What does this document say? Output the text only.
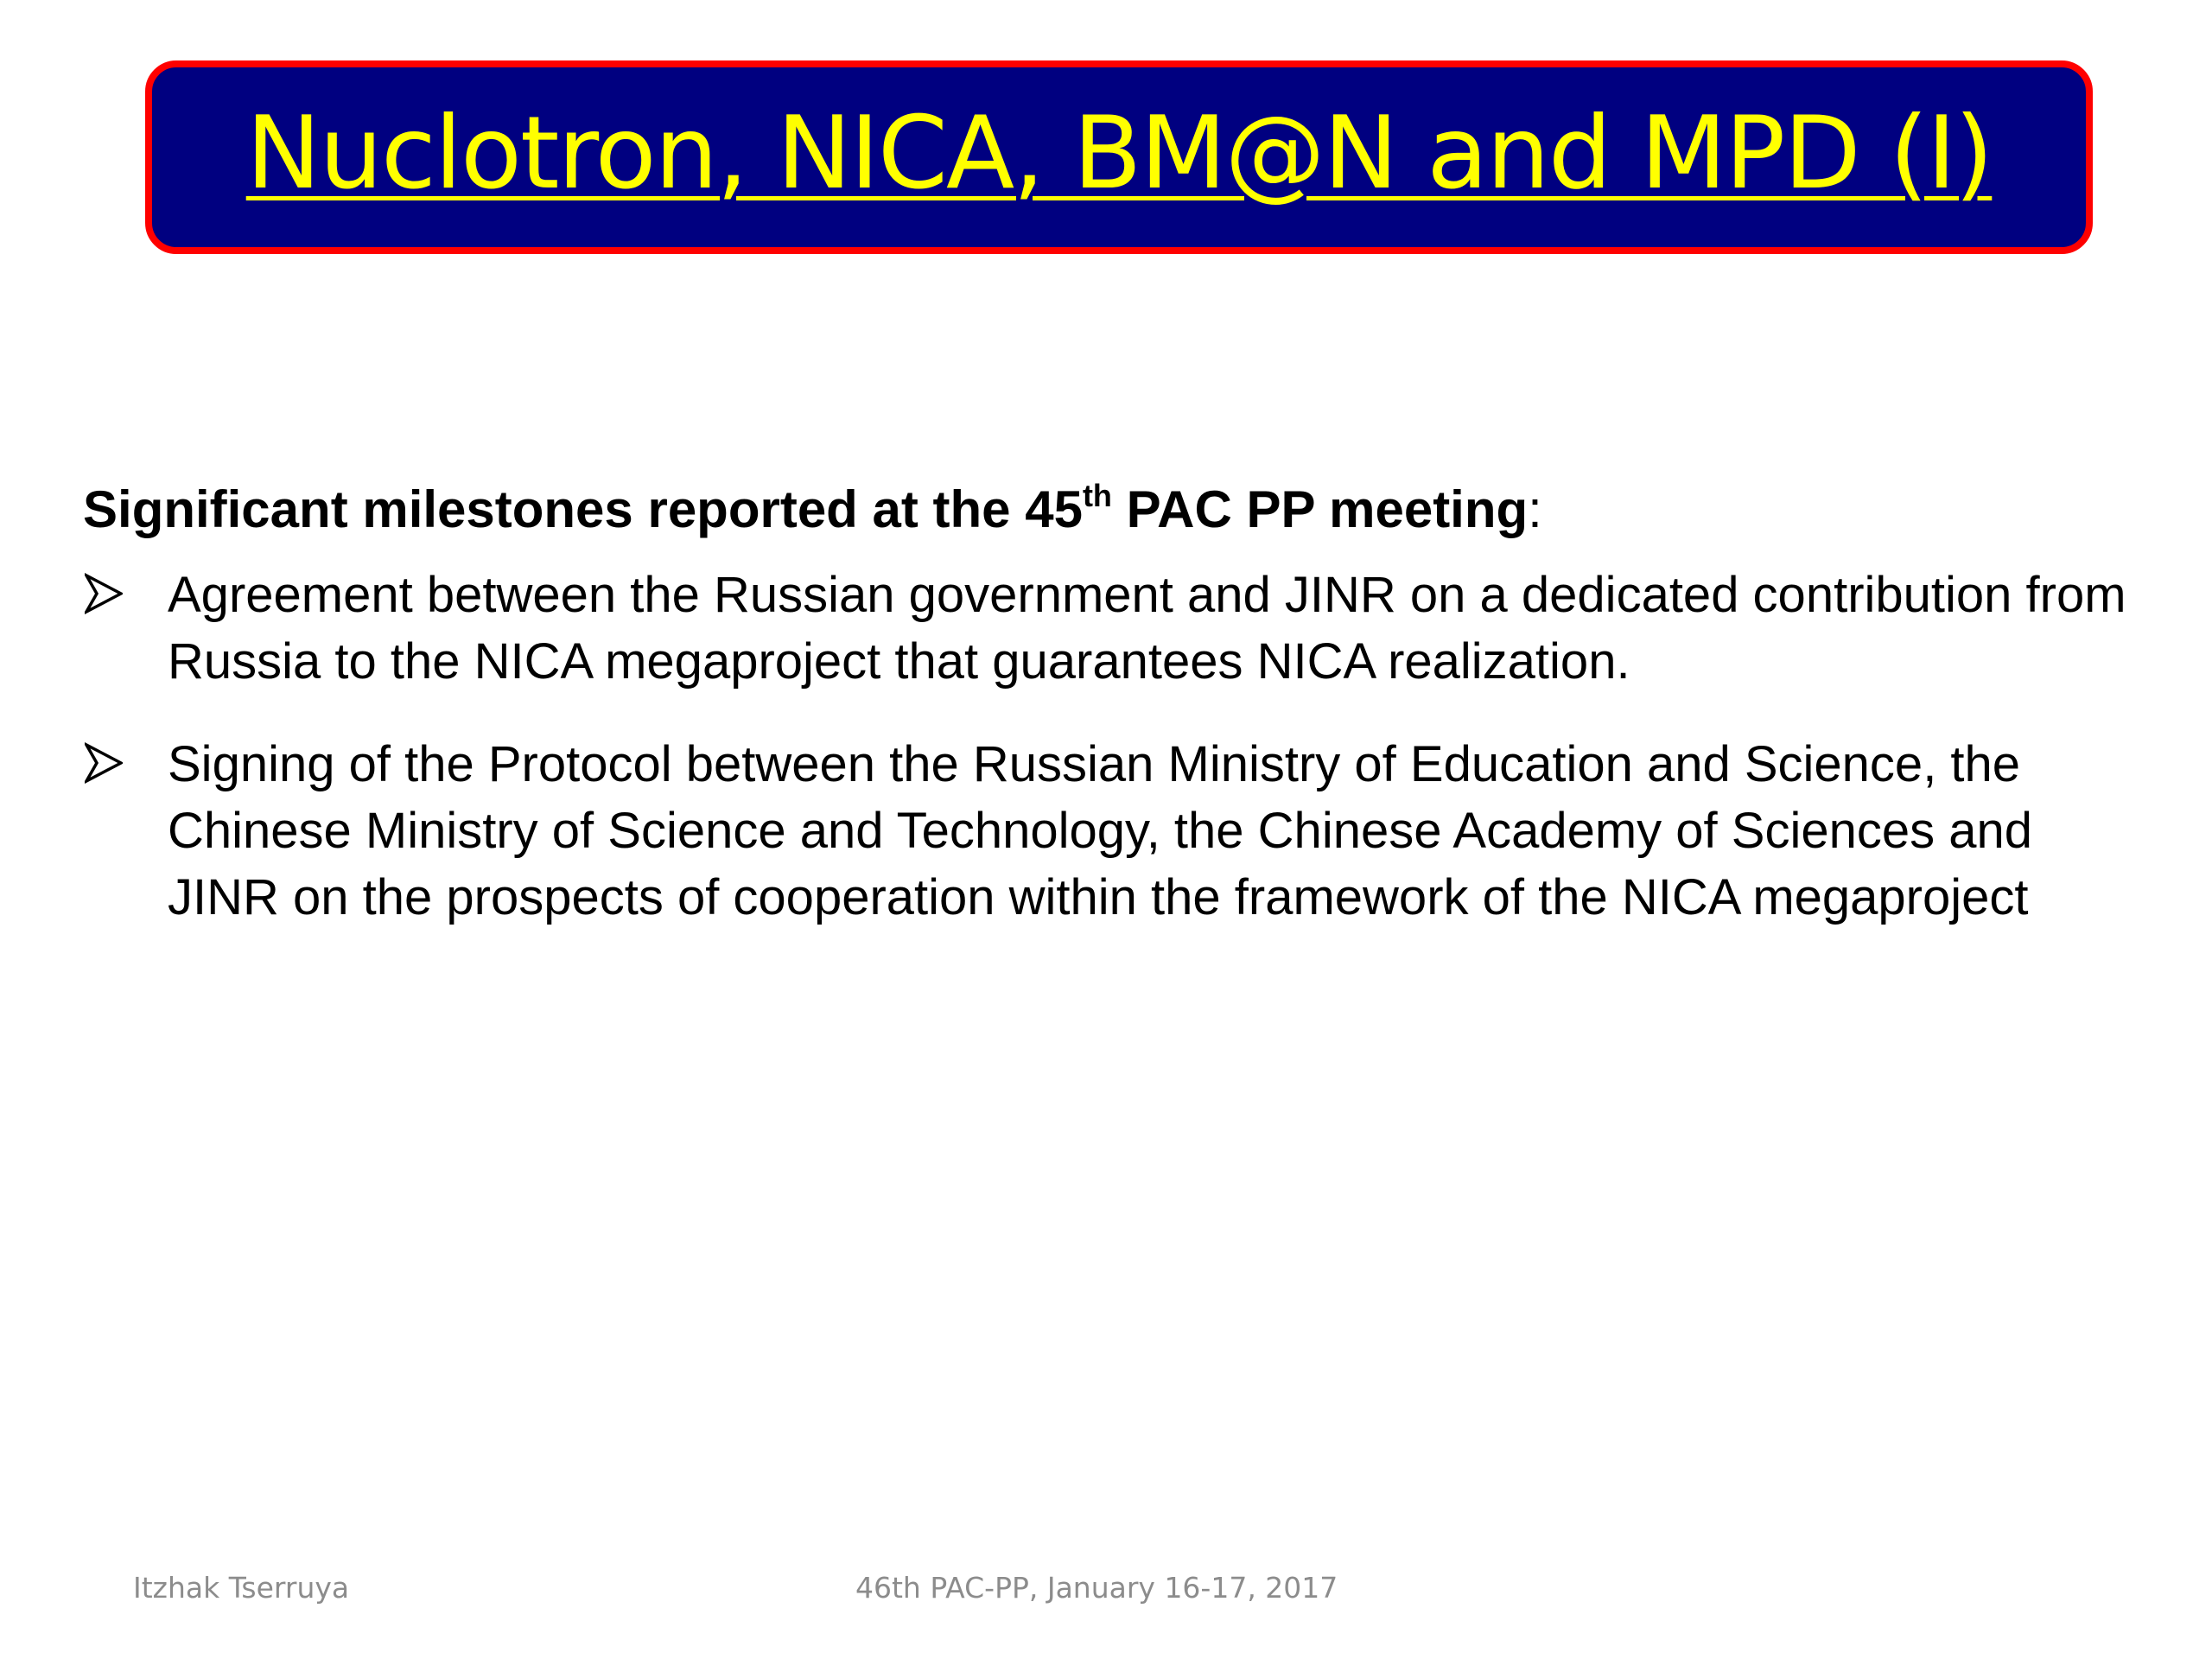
Nuclotron, NICA, BM@N and MPD (I)

Significant milestones reported at the 45th PAC PP meeting:

Agreement between the Russian government and JINR on a dedicated contribution from Russia to the NICA megaproject that guarantees NICA realization.
Signing of the Protocol between the Russian Ministry of Education and Science, the Chinese Ministry of Science and Technology, the Chinese Academy of Sciences and JINR on the prospects of cooperation within the framework of the NICA megaproject
Itzhak Tserruya	46th PAC-PP, January 16-17, 2017
